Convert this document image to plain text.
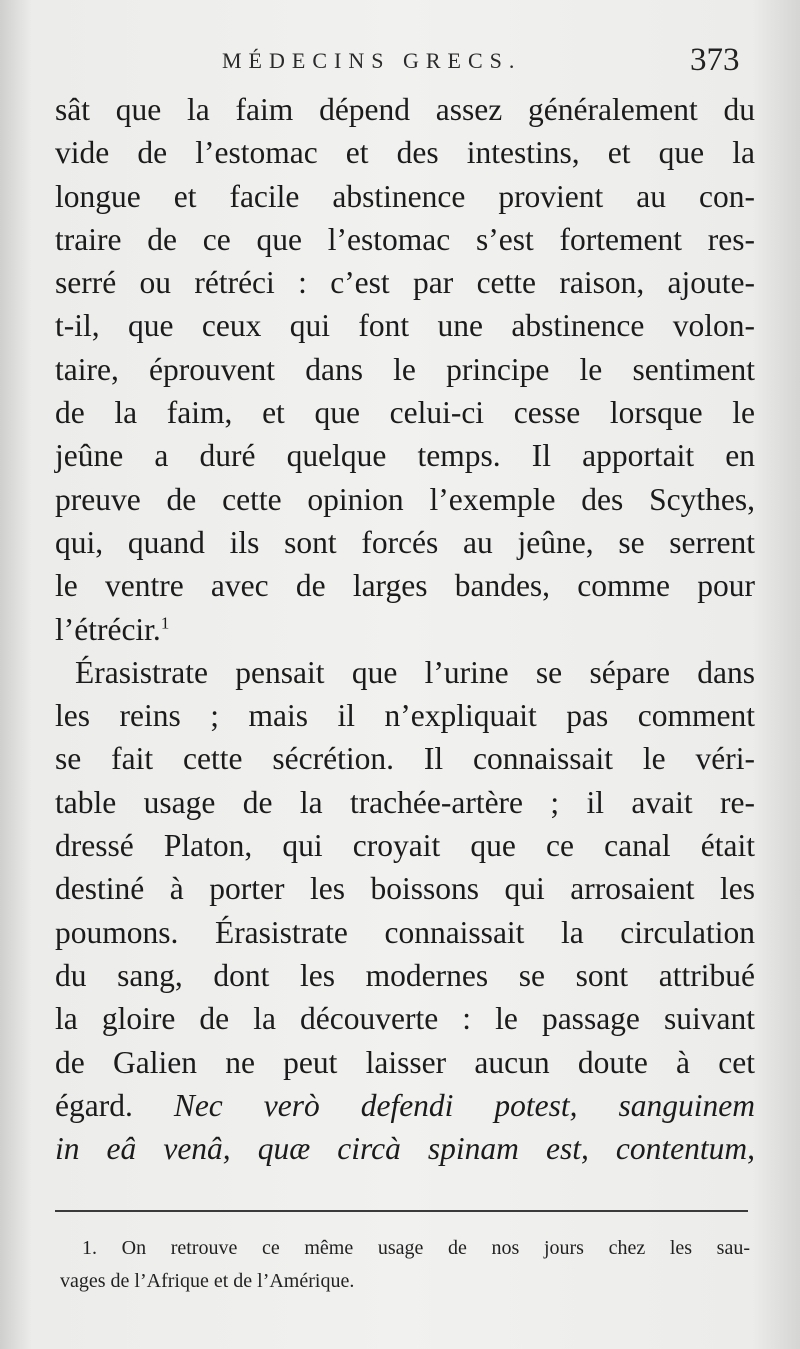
MÉDECINS GRECS.	373
sât que la faim dépend assez généralement du
vide de l’estomac et des intestins, et que la
longue et facile abstinence provient au con-
traire de ce que l’estomac s’est fortement res-
serré ou rétréci : c’est par cette raison, ajoute-
t-il, que ceux qui font une abstinence volon-
taire, éprouvent dans le principe le sentiment
de la faim, et que celui-ci cesse lorsque le
jeûne a duré quelque temps. Il apportait en
preuve de cette opinion l’exemple des Scythes,
qui, quand ils sont forcés au jeûne, se serrent
le ventre avec de larges bandes, comme pour
l’étrécir.$^1$
Érasistrate pensait que l’urine se sépare dans
les reins ; mais il n’expliquait pas comment
se fait cette sécrétion. Il connaissait le véri-
table usage de la trachée-artère ; il avait re-
dressé Platon, qui croyait que ce canal était
destiné à porter les boissons qui arrosaient les
poumons. Érasistrate connaissait la circulation
du sang, dont les modernes se sont attribué
la gloire de la découverte : le passage suivant
de Galien ne peut laisser aucun doute à cet
égard. Nec verò defendi potest, sanguinem
in eâ venâ, quæ circà spinam est, contentum,
1. On retrouve ce même usage de nos jours chez les sau-
vages de l’Afrique et de l’Amérique.
